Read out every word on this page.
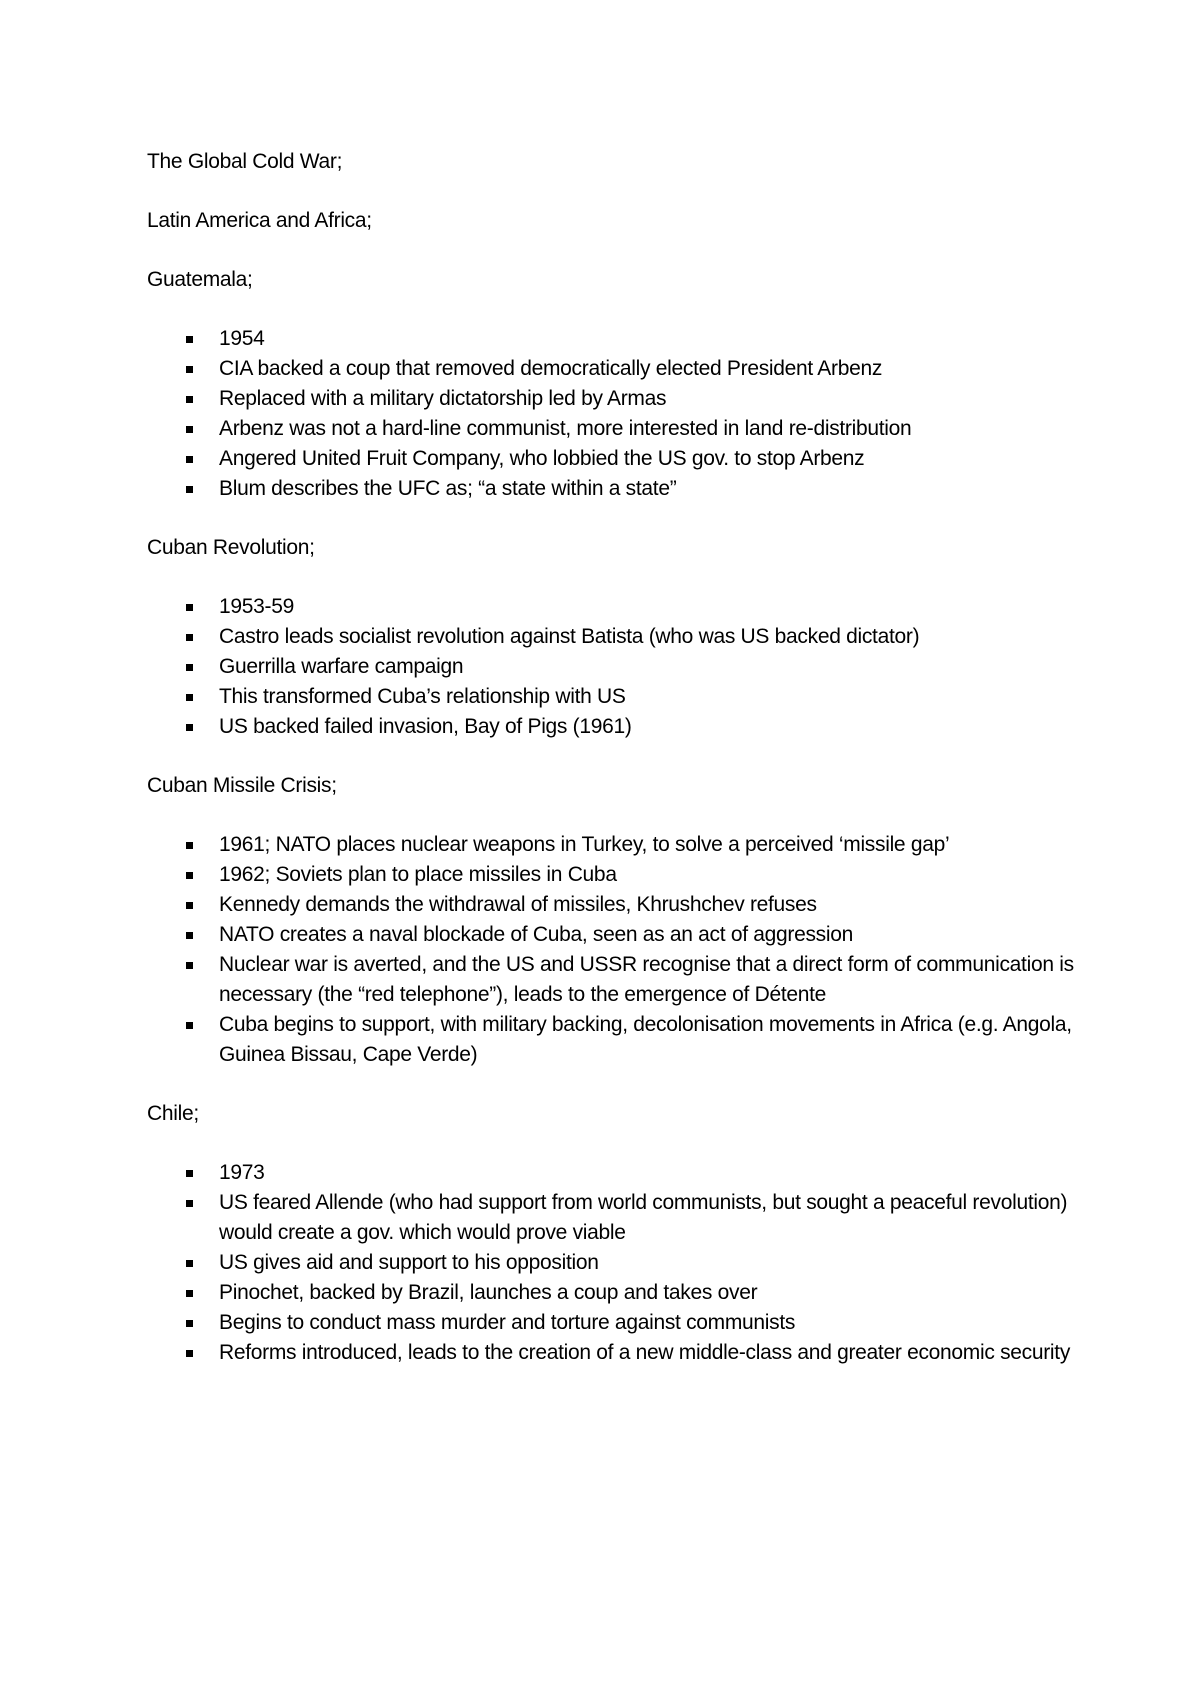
The Global Cold War;

Latin America and Africa;

Guatemala;

1954
CIA backed a coup that removed democratically elected President Arbenz
Replaced with a military dictatorship led by Armas
Arbenz was not a hard-line communist, more interested in land re-distribution
Angered United Fruit Company, who lobbied the US gov. to stop Arbenz
Blum describes the UFC as; “a state within a state”

Cuban Revolution;

1953-59
Castro leads socialist revolution against Batista (who was US backed dictator)
Guerrilla warfare campaign
This transformed Cuba’s relationship with US
US backed failed invasion, Bay of Pigs (1961)

Cuban Missile Crisis;

1961; NATO places nuclear weapons in Turkey, to solve a perceived ‘missile gap’
1962; Soviets plan to place missiles in Cuba
Kennedy demands the withdrawal of missiles, Khrushchev refuses
NATO creates a naval blockade of Cuba, seen as an act of aggression
Nuclear war is averted, and the US and USSR recognise that a direct form of communication is necessary (the “red telephone”), leads to the emergence of Détente
Cuba begins to support, with military backing, decolonisation movements in Africa (e.g. Angola, Guinea Bissau, Cape Verde)

Chile;

1973
US feared Allende (who had support from world communists, but sought a peaceful revolution) would create a gov. which would prove viable
US gives aid and support to his opposition
Pinochet, backed by Brazil, launches a coup and takes over
Begins to conduct mass murder and torture against communists
Reforms introduced, leads to the creation of a new middle-class and greater economic security
